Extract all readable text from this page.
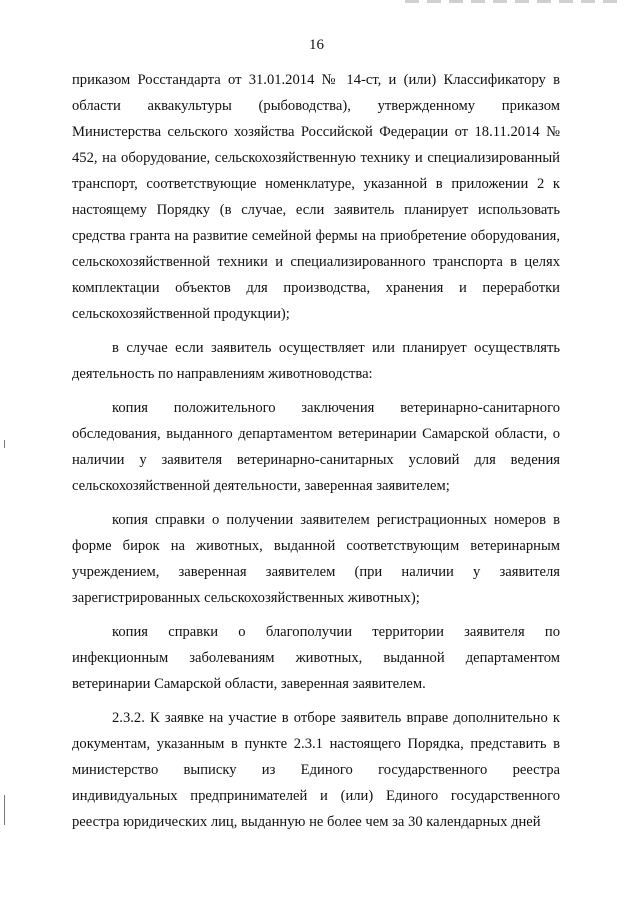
16

приказом Росстандарта от 31.01.2014 № 14-ст, и (или) Классификатору в области аквакультуры (рыбоводства), утвержденному приказом Министерства сельского хозяйства Российской Федерации от 18.11.2014 № 452, на оборудование, сельскохозяйственную технику и специализированный транспорт, соответствующие номенклатуре, указанной в приложении 2 к настоящему Порядку (в случае, если заявитель планирует использовать средства гранта на развитие семейной фермы на приобретение оборудования, сельскохозяйственной техники и специализированного транспорта в целях комплектации объектов для производства, хранения и переработки сельскохозяйственной продукции);

в случае если заявитель осуществляет или планирует осуществлять деятельность по направлениям животноводства:

копия положительного заключения ветеринарно-санитарного обследования, выданного департаментом ветеринарии Самарской области, о наличии у заявителя ветеринарно-санитарных условий для ведения сельскохозяйственной деятельности, заверенная заявителем;

копия справки о получении заявителем регистрационных номеров в форме бирок на животных, выданной соответствующим ветеринарным учреждением, заверенная заявителем (при наличии у заявителя зарегистрированных сельскохозяйственных животных);

копия справки о благополучии территории заявителя по инфекционным заболеваниям животных, выданной департаментом ветеринарии Самарской области, заверенная заявителем.

2.3.2. К заявке на участие в отборе заявитель вправе дополнительно к документам, указанным в пункте 2.3.1 настоящего Порядка, представить в министерство выписку из Единого государственного реестра индивидуальных предпринимателей и (или) Единого государственного реестра юридических лиц, выданную не более чем за 30 календарных дней
